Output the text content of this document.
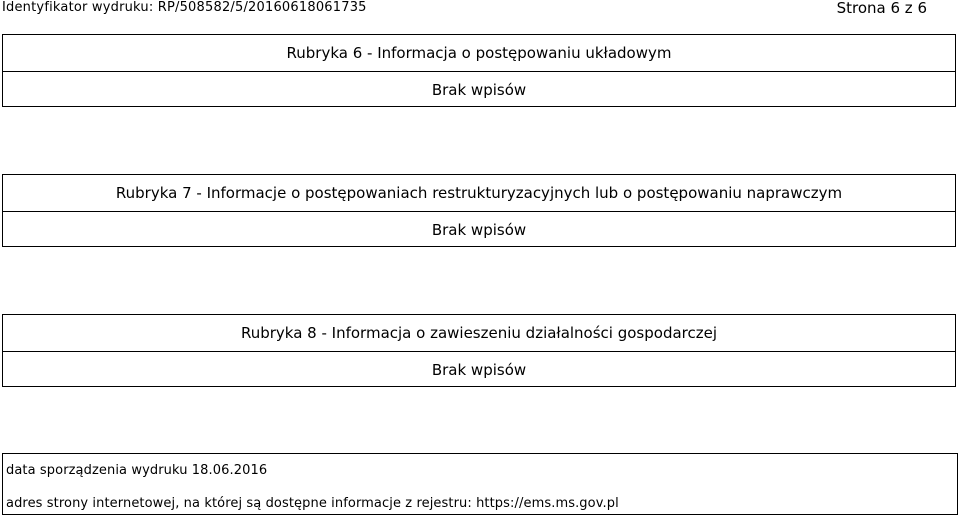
Identyfikator wydruku: RP/508582/5/20160618061735	Strona 6 z 6
Rubryka 6 - Informacja o postępowaniu układowym
Brak wpisów
Rubryka 7 - Informacje o postępowaniach restrukturyzacyjnych lub o postępowaniu naprawczym
Brak wpisów
Rubryka 8 - Informacja o zawieszeniu działalności gospodarczej
Brak wpisów
data sporządzenia wydruku 18.06.2016
adres strony internetowej, na której są dostępne informacje z rejestru: https://ems.ms.gov.pl
